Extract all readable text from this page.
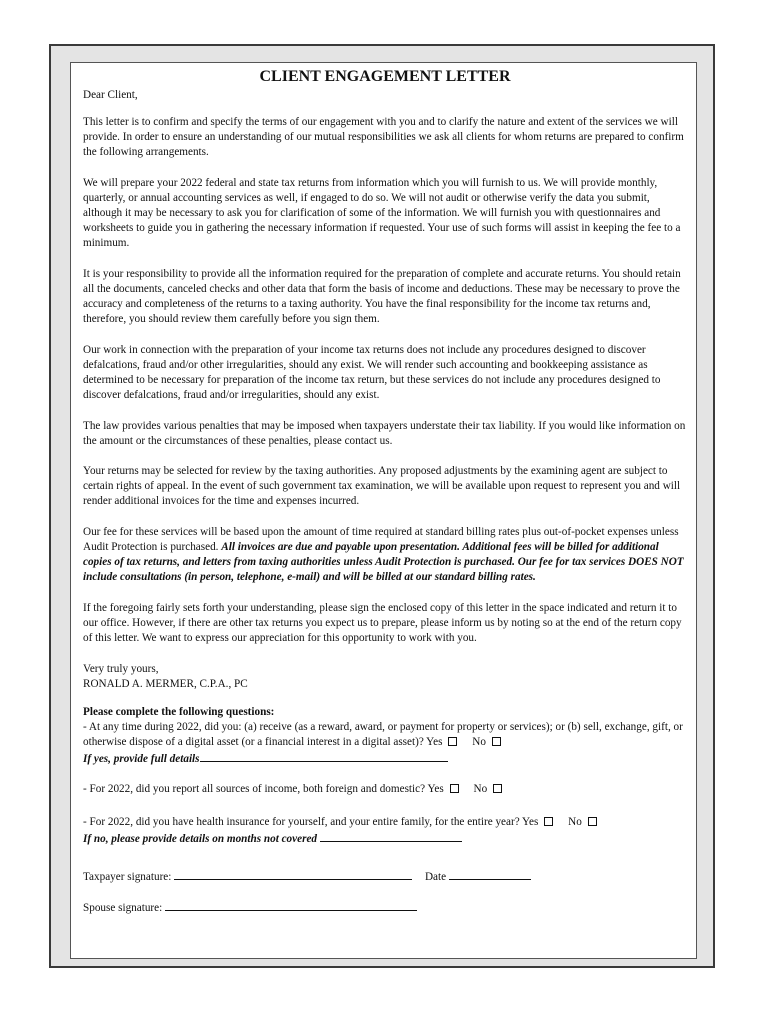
CLIENT ENGAGEMENT LETTER
Dear Client,

This letter is to confirm and specify the terms of our engagement with you and to clarify the nature and extent of the services we will provide. In order to ensure an understanding of our mutual responsibilities we ask all clients for whom returns are prepared to confirm the following arrangements.

We will prepare your 2022 federal and state tax returns from information which you will furnish to us. We will provide monthly, quarterly, or annual accounting services as well, if engaged to do so. We will not audit or otherwise verify the data you submit, although it may be necessary to ask you for clarification of some of the information. We will furnish you with questionnaires and worksheets to guide you in gathering the necessary information if requested. Your use of such forms will assist in keeping the fee to a minimum.

It is your responsibility to provide all the information required for the preparation of complete and accurate returns. You should retain all the documents, canceled checks and other data that form the basis of income and deductions. These may be necessary to prove the accuracy and completeness of the returns to a taxing authority. You have the final responsibility for the income tax returns and, therefore, you should review them carefully before you sign them.

Our work in connection with the preparation of your income tax returns does not include any procedures designed to discover defalcations, fraud and/or other irregularities, should any exist. We will render such accounting and bookkeeping assistance as determined to be necessary for preparation of the income tax return, but these services do not include any procedures designed to discover defalcations, fraud and/or irregularities, should any exist.

The law provides various penalties that may be imposed when taxpayers understate their tax liability. If you would like information on the amount or the circumstances of these penalties, please contact us.

Your returns may be selected for review by the taxing authorities. Any proposed adjustments by the examining agent are subject to certain rights of appeal. In the event of such government tax examination, we will be available upon request to represent you and will render additional invoices for the time and expenses incurred.

Our fee for these services will be based upon the amount of time required at standard billing rates plus out-of-pocket expenses unless Audit Protection is purchased. All invoices are due and payable upon presentation. Additional fees will be billed for additional copies of tax returns, and letters from taxing authorities unless Audit Protection is purchased. Our fee for tax services DOES NOT include consultations (in person, telephone, e-mail) and will be billed at our standard billing rates.

If the foregoing fairly sets forth your understanding, please sign the enclosed copy of this letter in the space indicated and return it to our office. However, if there are other tax returns you expect us to prepare, please inform us by noting so at the end of the return copy of this letter. We want to express our appreciation for this opportunity to work with you.

Very truly yours,
RONALD A. MERMER, C.P.A., PC

Please complete the following questions:

- At any time during 2022, did you: (a) receive (as a reward, award, or payment for property or services); or (b) sell, exchange, gift, or otherwise dispose of a digital asset (or a financial interest in a digital asset)? Yes	No

If yes, provide full details

- For 2022, did you report all sources of income, both foreign and domestic? Yes	No

- For 2022, did you have health insurance for yourself, and your entire family, for the entire year? Yes	No

If no, please provide details on months not covered

Taxpayer signature:	Date
Spouse signature:
